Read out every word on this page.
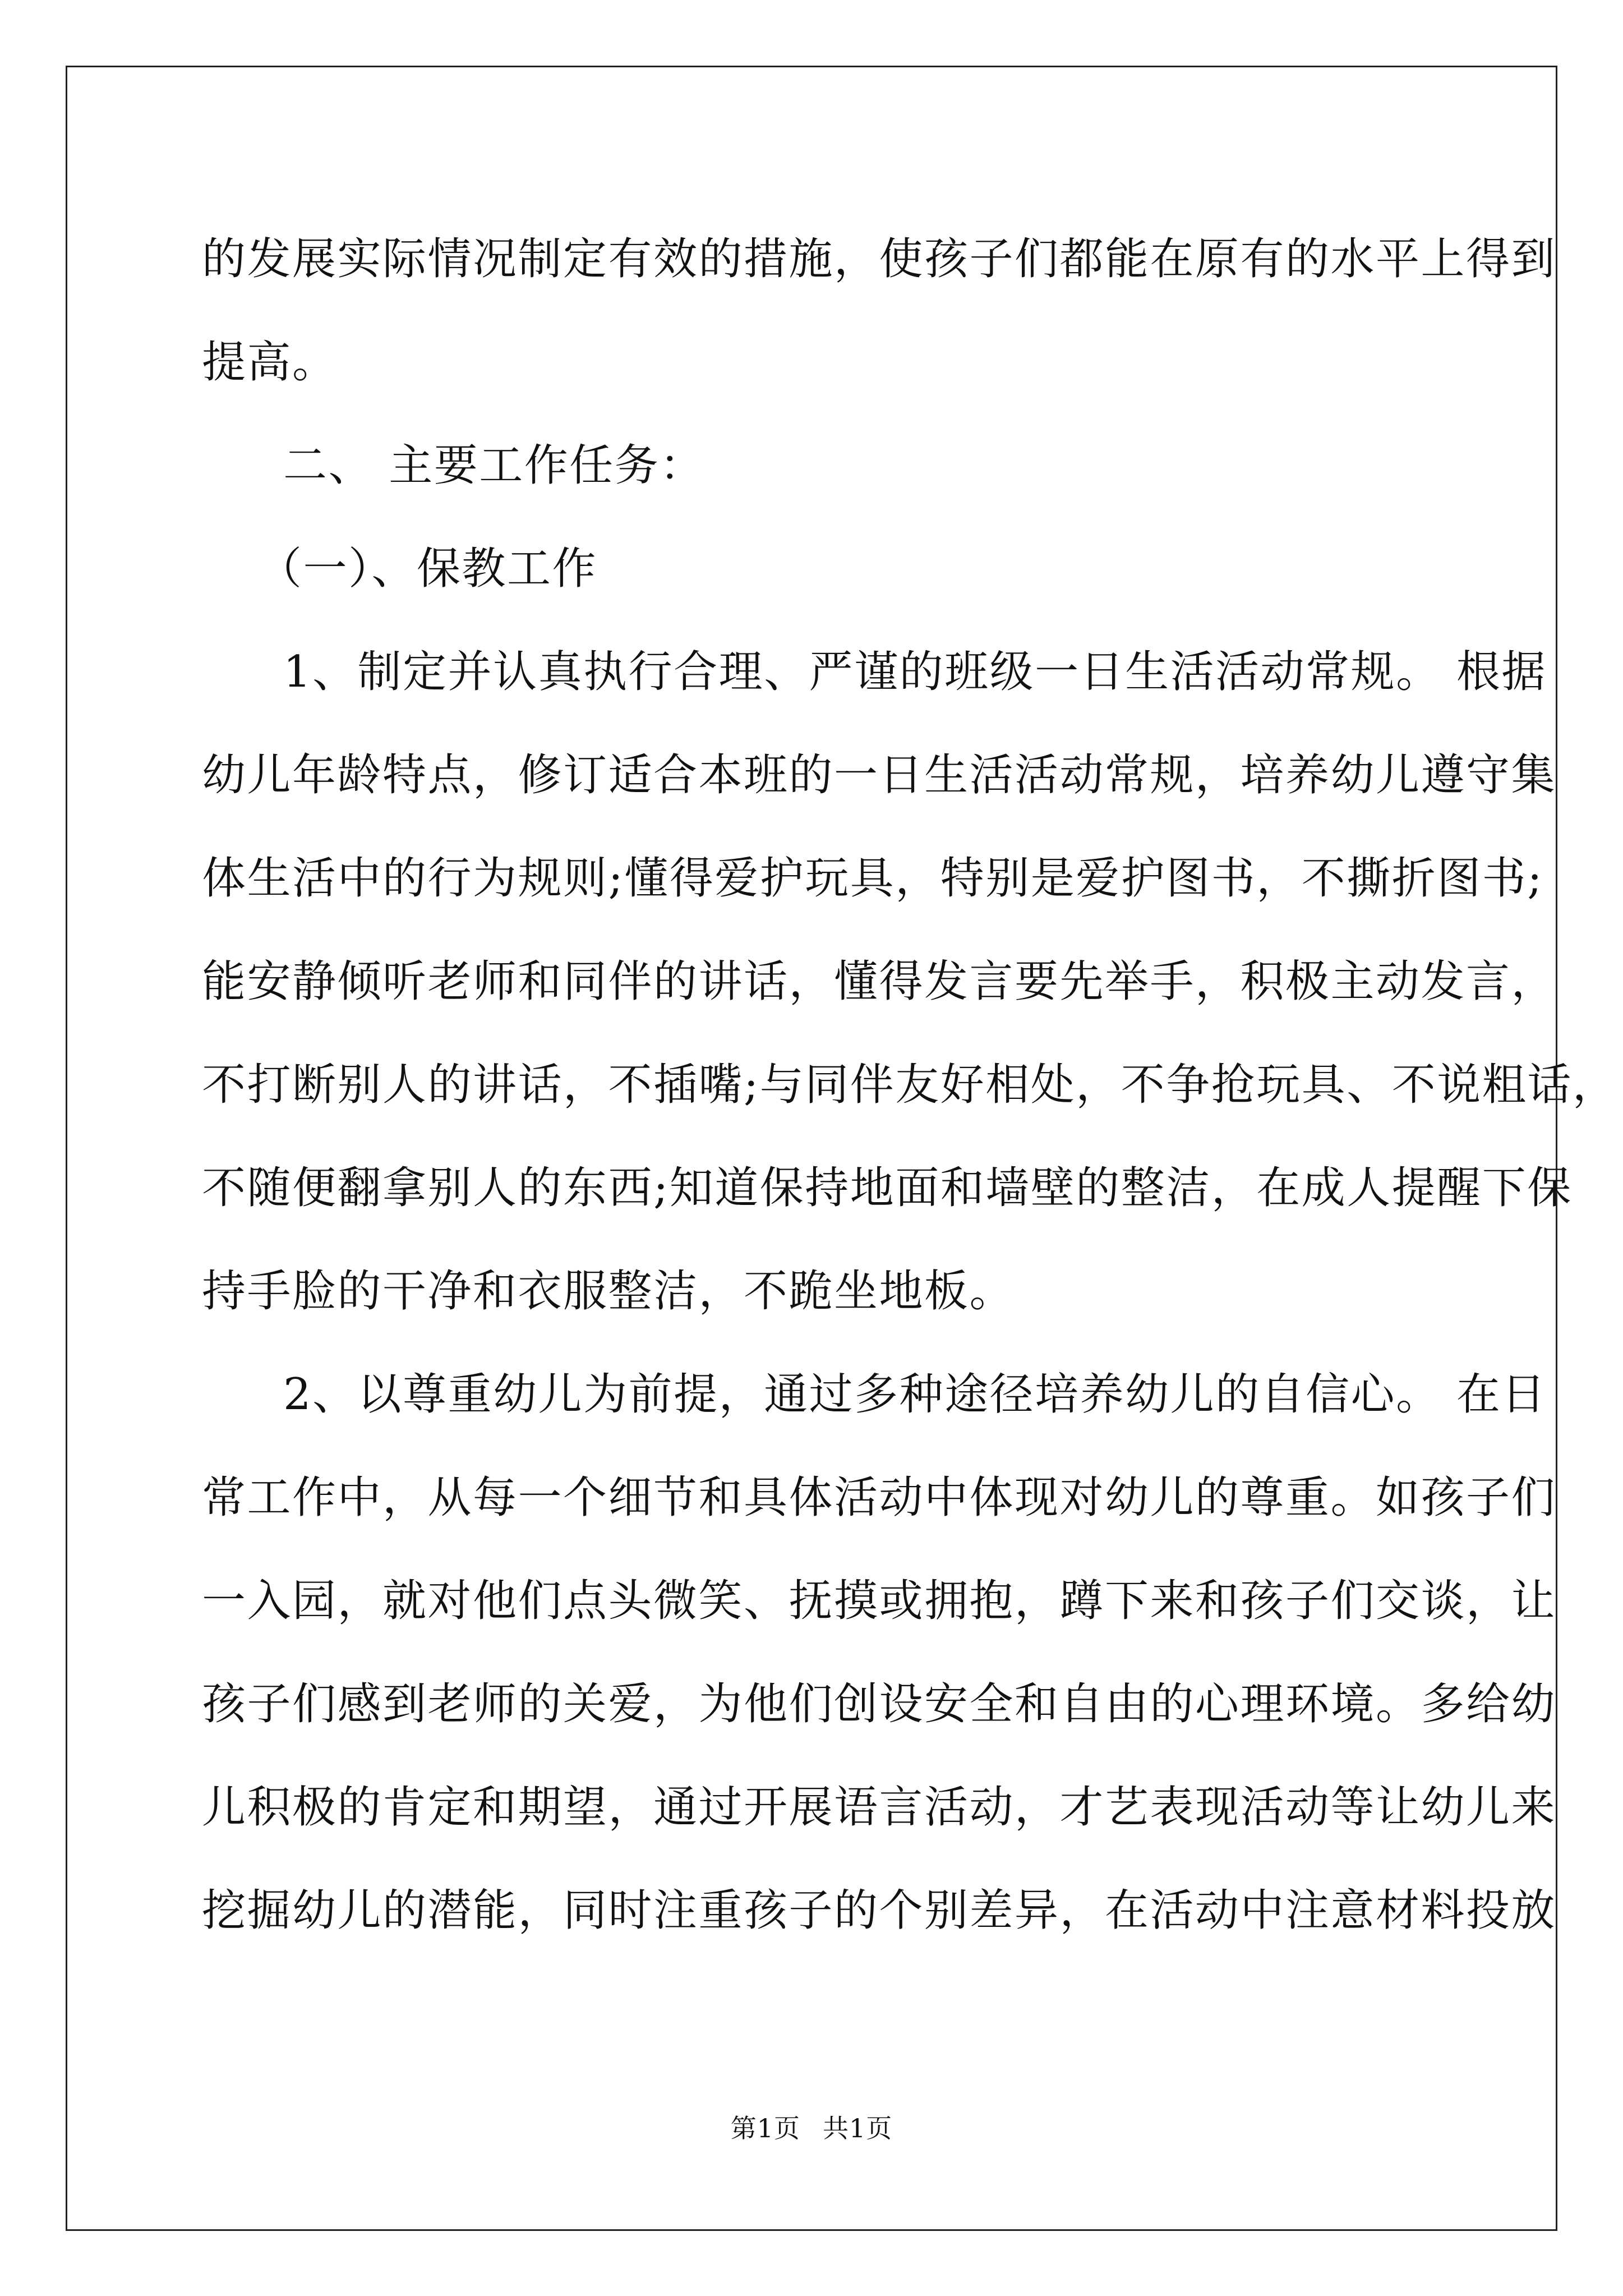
的发展实际情况制定有效的措施，使孩子们都能在原有的水平上得到
提高。
二、 主要工作任务：
（一）、保教工作
1、制定并认真执行合理、严谨的班级一日生活活动常规。 根据
幼儿年龄特点，修订适合本班的一日生活活动常规，培养幼儿遵守集
体生活中的行为规则;懂得爱护玩具，特别是爱护图书，不撕折图书;
能安静倾听老师和同伴的讲话，懂得发言要先举手，积极主动发言，
不打断别人的讲话，不插嘴;与同伴友好相处，不争抢玩具、不说粗话，
不随便翻拿别人的东西;知道保持地面和墙壁的整洁，在成人提醒下保
持手脸的干净和衣服整洁，不跪坐地板。
2、以尊重幼儿为前提，通过多种途径培养幼儿的自信心。 在日
常工作中，从每一个细节和具体活动中体现对幼儿的尊重。如孩子们
一入园，就对他们点头微笑、抚摸或拥抱，蹲下来和孩子们交谈，让
孩子们感到老师的关爱，为他们创设安全和自由的心理环境。多给幼
儿积极的肯定和期望，通过开展语言活动，才艺表现活动等让幼儿来
挖掘幼儿的潜能，同时注重孩子的个别差异，在活动中注意材料投放
第1页 共1页
